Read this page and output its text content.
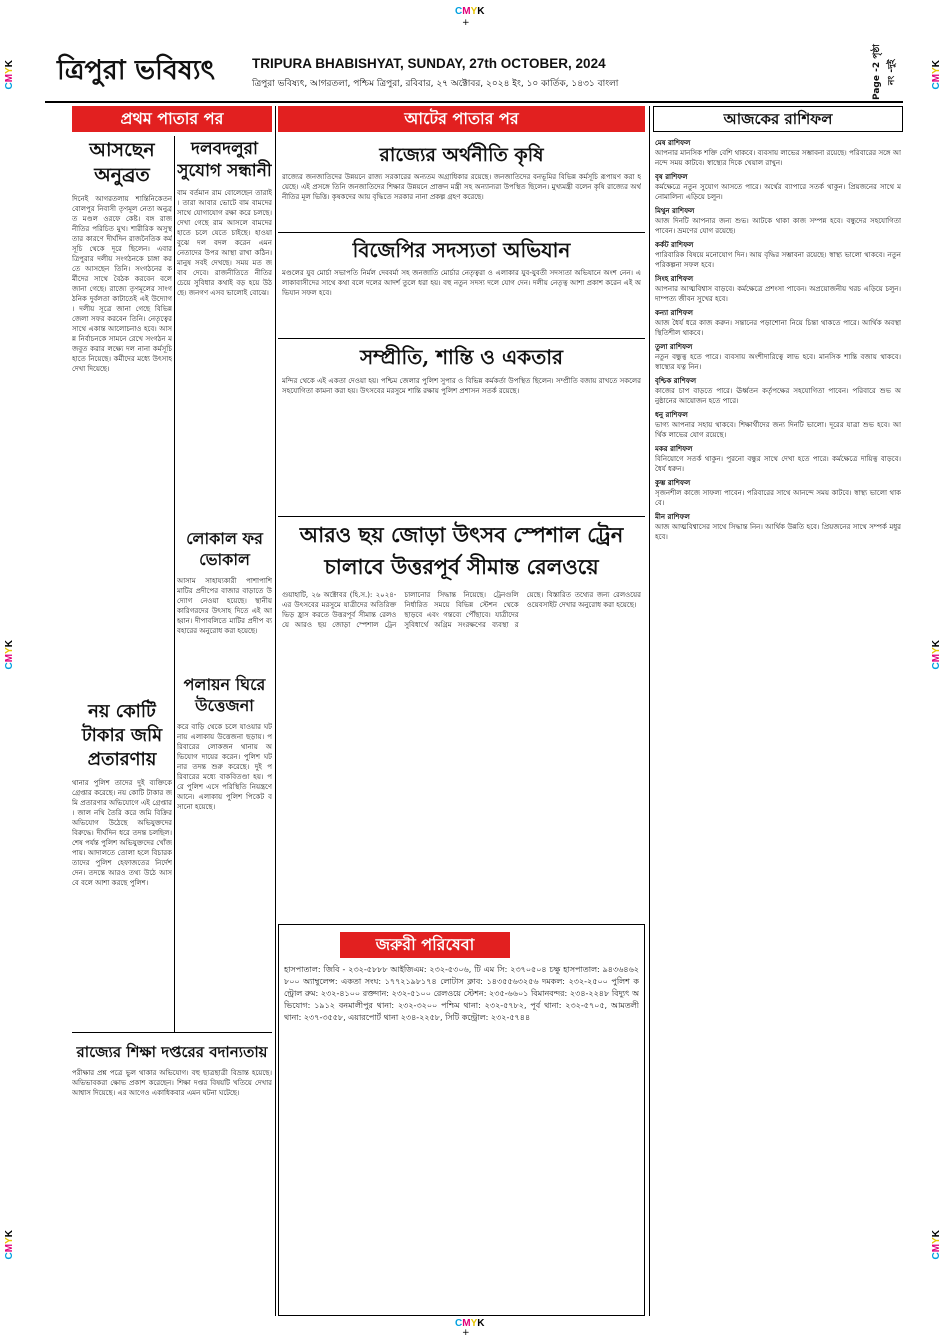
CMYK
+
CMYK
+
CMYK
CMYK
CMYK
CMYK
CMYK
CMYK
ত্রিপুরা ভবিষ্যৎ	TRIPURA BHABISHYAT, SUNDAY, 27th OCTOBER, 2024
ত্রিপুরা ভবিষ্যৎ, আগরতলা, পশ্চিম ত্রিপুরা, রবিবার, ২৭ অক্টোবর, ২০২৪ ইং, ১০ কার্তিক, ১৪৩১ বাংলা	Page -2 পৃষ্ঠা নং -দুই
প্রথম পাতার পর	আটের পাতার পর	আজকের রাশিফল
আসছেন অনুব্রত
দিনেই আগরতলায় শান্তিনিকেতন বোলপুর নিবাসী তৃণমূল নেতা অনুব্রত মণ্ডল ওরফে কেষ্ট। বঙ্গ রাজনীতির পরিচিত মুখ। শারীরিক অসুস্থতার কারণে দীর্ঘদিন রাজনৈতিক কর্মসূচি থেকে দূরে ছিলেন। এবার ত্রিপুরার দলীয় সংগঠনকে চাঙ্গা করতে আসছেন তিনি। সংগঠনের কর্মীদের সাথে বৈঠক করবেন বলে জানা গেছে। রাজ্যে তৃণমূলের সাংগঠনিক দুর্বলতা কাটাতেই এই উদ্যোগ। দলীয় সূত্রে জানা গেছে বিভিন্ন জেলা সফর করবেন তিনি। নেতৃত্বের সাথে একান্ত আলোচনাও হবে। আসন্ন নির্বাচনকে সামনে রেখে সংগঠন মজবুত করার লক্ষ্যে দল নানা কর্মসূচি হাতে নিয়েছে। কর্মীদের মধ্যে উৎসাহ দেখা দিয়েছে।
নয় কোটি টাকার জমি প্রতারণায়
থানার পুলিশ তাদের দুই ব্যক্তিকে গ্রেপ্তার করেছে। নয় কোটি টাকার জমি প্রতারণার অভিযোগে এই গ্রেপ্তার। জাল নথি তৈরি করে জমি বিক্রির অভিযোগ উঠেছে অভিযুক্তদের বিরুদ্ধে। দীর্ঘদিন ধরে তদন্ত চলছিল। শেষ পর্যন্ত পুলিশ অভিযুক্তদের খোঁজ পায়। আদালতে তোলা হলে বিচারক তাদের পুলিশ হেফাজতের নির্দেশ দেন। তদন্তে আরও তথ্য উঠে আসবে বলে আশা করছে পুলিশ।
দলবদলুরা সুযোগ সন্ধানী
বাম বর্তমান রাম বোলেছেন তারাই। তারা আবার ভোটে বাম বামদের সাথে যোগাযোগ রক্ষা করে চলছে। দেখা গেছে রাম আসলে বামদের হাতে চলে যেতে চাইছে। হাওয়া বুঝে দল বদল করেন এমন নেতাদের উপর আস্থা রাখা কঠিন। মানুষ সবই দেখছে। সময় মত জবাব দেবে। রাজনীতিতে নীতির চেয়ে সুবিধার কথাই বড় হয়ে উঠছে। জনগণ এসব ভালোই বোঝে।
লোকাল ফর ভোকাল
আসাম সাহায্যকারী পাশাপাশি মাটির প্রদীপের বাজার বাড়াতে উদ্যোগ নেওয়া হয়েছে। স্থানীয় কারিগরদের উৎসাহ দিতে এই আহ্বান। দীপাবলিতে মাটির প্রদীপ ব্যবহারের অনুরোধ করা হয়েছে।
পলায়ন ঘিরে উত্তেজনা
করে বাড়ি থেকে চলে যাওয়ার ঘটনায় এলাকায় উত্তেজনা ছড়ায়। পরিবারের লোকজন থানায় অভিযোগ দায়ের করেন। পুলিশ ঘটনার তদন্ত শুরু করেছে। দুই পরিবারের মধ্যে বাকবিতণ্ডা হয়। পরে পুলিশ এসে পরিস্থিতি নিয়ন্ত্রণে আনে। এলাকায় পুলিশ পিকেট বসানো হয়েছে।
রাজ্যের শিক্ষা দপ্তরের বদান্যতায়
পরীক্ষার প্রশ্ন পত্রে ভুল থাকার অভিযোগ। বহু ছাত্রছাত্রী বিভ্রান্ত হয়েছে। অভিভাবকরা ক্ষোভ প্রকাশ করেছেন। শিক্ষা দপ্তর বিষয়টি খতিয়ে দেখার আশ্বাস দিয়েছে। এর আগেও একাধিকবার এমন ঘটনা ঘটেছে।
রাজ্যের অর্থনীতি কৃষি
রাজ্যের জনজাতিদের উন্নয়নে রাজ্য সরকারের অন্যতম অগ্রাধিকার রয়েছে। জনজাতিদের বনভূমির বিভিন্ন কর্মসূচি রূপায়ণ করা হয়েছে। এই প্রসঙ্গে তিনি জনজাতিদের শিক্ষার উন্নয়নে প্রাক্তন মন্ত্রী সহ অন্যান্যরা উপস্থিত ছিলেন। মুখ্যমন্ত্রী বলেন কৃষি রাজ্যের অর্থনীতির মূল ভিত্তি। কৃষকদের আয় বৃদ্ধিতে সরকার নানা প্রকল্প গ্রহণ করেছে।
বিজেপির সদস্যতা অভিযান
মণ্ডলের যুব মোর্চা সভাপতি নির্মল দেববর্মা সহ জনজাতি মোর্চার নেতৃত্বরা ও এলাকার যুব-যুবতী সদস্যতা অভিযানে অংশ নেন। এলাকাবাসীদের সাথে কথা বলে দলের আদর্শ তুলে ধরা হয়। বহু নতুন সদস্য দলে যোগ দেন। দলীয় নেতৃত্ব আশা প্রকাশ করেন এই অভিযান সফল হবে।
সম্প্রীতি, শান্তি ও একতার
মন্দির থেকে এই একতা দেওয়া হয়। পশ্চিম জেলার পুলিশ সুপার ও বিভিন্ন কর্মকর্তা উপস্থিত ছিলেন। সম্প্রীতি বজায় রাখতে সকলের সহযোগিতা কামনা করা হয়। উৎসবের মরসুমে শান্তি রক্ষায় পুলিশ প্রশাসন সতর্ক রয়েছে।
আরও ছয় জোড়া উৎসব স্পেশাল ট্রেন
চালাবে উত্তরপূর্ব সীমান্ত রেলওয়ে
গুয়াহাটি, ২৬ অক্টোবর (হি.স.): ২০২৪-এর উৎসবের মরসুমে যাত্রীদের অতিরিক্ত ভিড় হ্রাস করতে উত্তরপূর্ব সীমান্ত রেলওয়ে আরও ছয় জোড়া স্পেশাল ট্রেন চালানোর সিদ্ধান্ত নিয়েছে। ট্রেনগুলি নির্ধারিত সময়ে বিভিন্ন স্টেশন থেকে ছাড়বে এবং গন্তব্যে পৌঁছাবে। যাত্রীদের সুবিধার্থে অগ্রিম সংরক্ষণের ব্যবস্থা রয়েছে। বিস্তারিত তথ্যের জন্য রেলওয়ের ওয়েবসাইট দেখার অনুরোধ করা হয়েছে।
জরুরী পরিষেবা
হাসপাতাল: জিবি - ২৩২-৫৮৮৮ আইজিএম: ২৩২-৫৩০৬, টি এম সি: ২৩৭০৫০৪ চক্ষু হাসপাতাল: ৯৪৩৬৪৬২৮০০ অ্যাম্বুলেন্স: একতা সংঘ: ১৭৭২১৯৮১৭৪ লোটাস ক্লাব: ১৪৩৫৫৬৩২৫৬ দমকল: ২৩২-২৫০০ পুলিশ কন্ট্রোল রুম: ২৩২-৪১০০ রক্তদান: ২৩২-৫১০০ রেলওয়ে স্টেশন: ২৩৫-৬৬০১ বিমানবন্দর: ২৩৪-২২৪৮ বিদ্যুৎ অভিযোগ: ১৯১২ বনমালীপুর থানা: ২৩২-৩২০০ পশ্চিম থানা: ২৩২-৫৭৮২, পূর্ব থানা: ২৩২-৫৭০৫, আমতলী থানা: ২৩৭-৩৫৫৮, এয়ারপোর্ট থানা ২৩৪-২২৫৮, সিটি কন্ট্রোল: ২৩২-৫৭৪৪
মেষ রাশিফল
আপনার মানসিক শক্তি বেশি থাকবে। ব্যবসায় লাভের সম্ভাবনা রয়েছে। পরিবারের সঙ্গে আনন্দে সময় কাটবে। স্বাস্থ্যের দিকে খেয়াল রাখুন।
বৃষ রাশিফল
কর্মক্ষেত্রে নতুন সুযোগ আসতে পারে। অর্থের ব্যাপারে সতর্ক থাকুন। প্রিয়জনের সাথে মনোমালিন্য এড়িয়ে চলুন।
মিথুন রাশিফল
আজ দিনটি আপনার জন্য শুভ। আটকে থাকা কাজ সম্পন্ন হবে। বন্ধুদের সহযোগিতা পাবেন। ভ্রমণের যোগ রয়েছে।
কর্কট রাশিফল
পারিবারিক বিষয়ে মনোযোগ দিন। আয় বৃদ্ধির সম্ভাবনা রয়েছে। স্বাস্থ্য ভালো থাকবে। নতুন পরিকল্পনা সফল হবে।
সিংহ রাশিফল
আপনার আত্মবিশ্বাস বাড়বে। কর্মক্ষেত্রে প্রশংসা পাবেন। অপ্রয়োজনীয় খরচ এড়িয়ে চলুন। দাম্পত্য জীবন সুখের হবে।
কন্যা রাশিফল
আজ ধৈর্য ধরে কাজ করুন। সন্তানের পড়াশোনা নিয়ে চিন্তা থাকতে পারে। আর্থিক অবস্থা স্থিতিশীল থাকবে।
তুলা রাশিফল
নতুন বন্ধুত্ব হতে পারে। ব্যবসায় অংশীদারিত্বে লাভ হবে। মানসিক শান্তি বজায় থাকবে। স্বাস্থ্যের যত্ন নিন।
বৃশ্চিক রাশিফল
কাজের চাপ বাড়তে পারে। ঊর্ধ্বতন কর্তৃপক্ষের সহযোগিতা পাবেন। পরিবারে শুভ অনুষ্ঠানের আয়োজন হতে পারে।
ধনু রাশিফল
ভাগ্য আপনার সহায় থাকবে। শিক্ষার্থীদের জন্য দিনটি ভালো। দূরের যাত্রা শুভ হবে। আর্থিক লাভের যোগ রয়েছে।
মকর রাশিফল
বিনিয়োগে সতর্ক থাকুন। পুরনো বন্ধুর সাথে দেখা হতে পারে। কর্মক্ষেত্রে দায়িত্ব বাড়বে। ধৈর্য ধরুন।
কুম্ভ রাশিফল
সৃজনশীল কাজে সাফল্য পাবেন। পরিবারের সাথে আনন্দে সময় কাটবে। স্বাস্থ্য ভালো থাকবে।
মীন রাশিফল
আজ আত্মবিশ্বাসের সাথে সিদ্ধান্ত নিন। আর্থিক উন্নতি হবে। প্রিয়জনের সাথে সম্পর্ক মধুর হবে।
